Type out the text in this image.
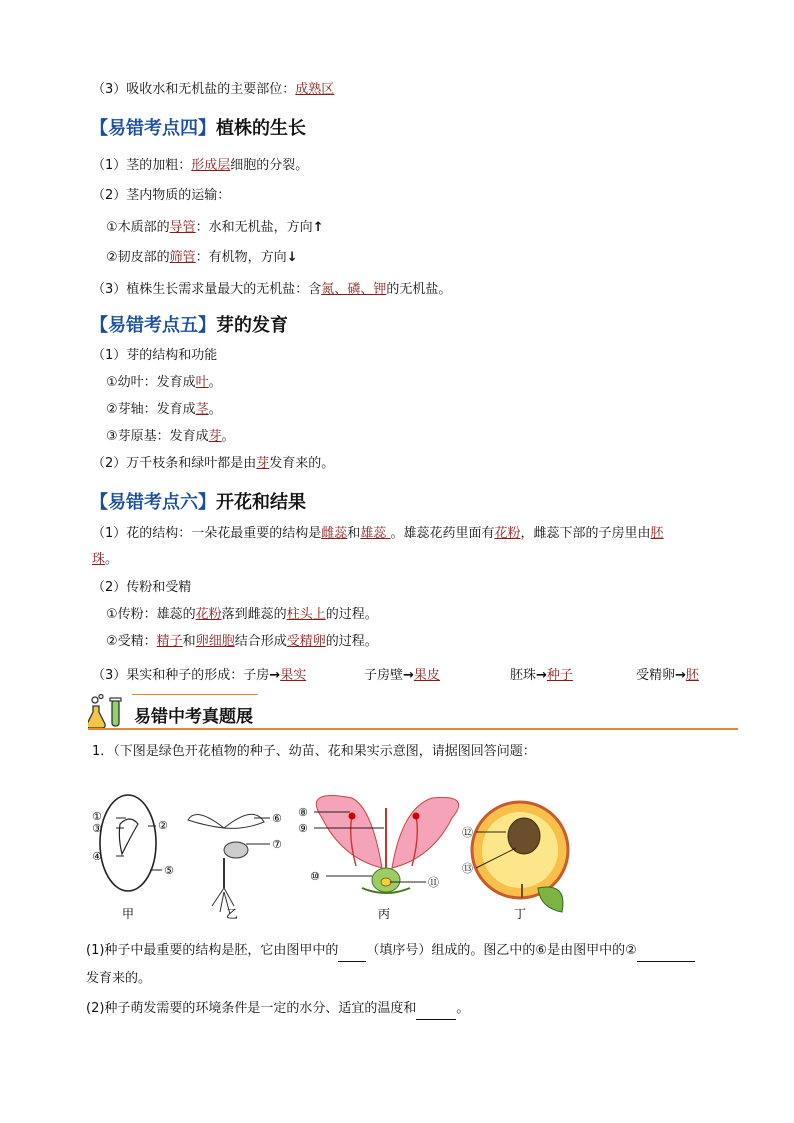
（3）吸收水和无机盐的主要部位：成熟区
【易错考点四】植株的生长
（1）茎的加粗：形成层细胞的分裂。
（2）茎内物质的运输：
①木质部的导管：水和无机盐，方向↑
②韧皮部的筛管：有机物，方向↓
（3）植株生长需求量最大的无机盐：含氮、磷、钾的无机盐。
【易错考点五】芽的发育
（1）芽的结构和功能
①幼叶：发育成叶。
②芽轴：发育成茎。
③芽原基：发育成芽。
（2）万千枝条和绿叶都是由芽发育来的。
【易错考点六】开花和结果
（1）花的结构：一朵花最重要的结构是雌蕊和雄蕊 。雄蕊花药里面有花粉，雌蕊下部的子房里由胚
珠。
（2）传粉和受精
①传粉：雄蕊的花粉落到雌蕊的柱头上的过程。
②受精：精子和卵细胞结合形成受精卵的过程。
（3）果实和种子的形成：子房→果实	子房壁→果皮	胚珠→种子	受精卵→胚
易错中考真题展
1．（下图是绿色开花植物的种子、幼苗、花和果实示意图，请据图回答问题：
①
③	②
④
⑤
甲
⑥
⑦
乙
⑧
⑨
⑩	⑪
丙
⑫
⑬
丁
(1)种子中最重要的结构是胚，它由图甲中的 （填序号）组成的。图乙中的⑥是由图甲中的②
发育来的。
(2)种子萌发需要的环境条件是一定的水分、适宜的温度和	。
